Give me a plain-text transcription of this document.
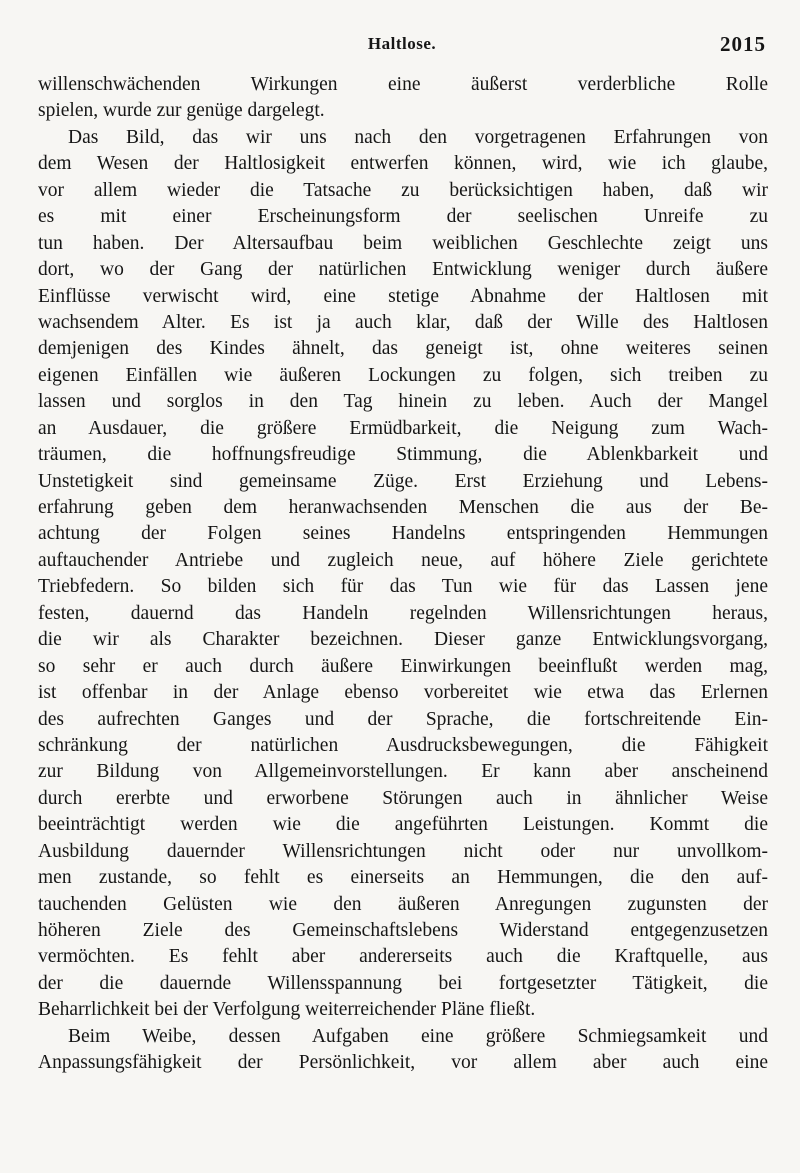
Haltlose.	2015
willenschwächenden Wirkungen eine äußerst verderbliche Rolle
spielen, wurde zur genüge dargelegt.
Das Bild, das wir uns nach den vorgetragenen Erfahrungen von
dem Wesen der Haltlosigkeit entwerfen können, wird, wie ich glaube,
vor allem wieder die Tatsache zu berücksichtigen haben, daß wir
es mit einer Erscheinungsform der seelischen Unreife zu
tun haben. Der Altersaufbau beim weiblichen Geschlechte zeigt uns
dort, wo der Gang der natürlichen Entwicklung weniger durch äußere
Einflüsse verwischt wird, eine stetige Abnahme der Haltlosen mit
wachsendem Alter. Es ist ja auch klar, daß der Wille des Haltlosen
demjenigen des Kindes ähnelt, das geneigt ist, ohne weiteres seinen
eigenen Einfällen wie äußeren Lockungen zu folgen, sich treiben zu
lassen und sorglos in den Tag hinein zu leben. Auch der Mangel
an Ausdauer, die größere Ermüdbarkeit, die Neigung zum Wach-
träumen, die hoffnungsfreudige Stimmung, die Ablenkbarkeit und
Unstetigkeit sind gemeinsame Züge. Erst Erziehung und Lebens-
erfahrung geben dem heranwachsenden Menschen die aus der Be-
achtung der Folgen seines Handelns entspringenden Hemmungen
auftauchender Antriebe und zugleich neue, auf höhere Ziele gerichtete
Triebfedern. So bilden sich für das Tun wie für das Lassen jene
festen, dauernd das Handeln regelnden Willensrichtungen heraus,
die wir als Charakter bezeichnen. Dieser ganze Entwicklungsvorgang,
so sehr er auch durch äußere Einwirkungen beeinflußt werden mag,
ist offenbar in der Anlage ebenso vorbereitet wie etwa das Erlernen
des aufrechten Ganges und der Sprache, die fortschreitende Ein-
schränkung der natürlichen Ausdrucksbewegungen, die Fähigkeit
zur Bildung von Allgemeinvorstellungen. Er kann aber anscheinend
durch ererbte und erworbene Störungen auch in ähnlicher Weise
beeinträchtigt werden wie die angeführten Leistungen. Kommt die
Ausbildung dauernder Willensrichtungen nicht oder nur unvollkom-
men zustande, so fehlt es einerseits an Hemmungen, die den auf-
tauchenden Gelüsten wie den äußeren Anregungen zugunsten der
höheren Ziele des Gemeinschaftslebens Widerstand entgegenzusetzen
vermöchten. Es fehlt aber andererseits auch die Kraftquelle, aus
der die dauernde Willensspannung bei fortgesetzter Tätigkeit, die
Beharrlichkeit bei der Verfolgung weiterreichender Pläne fließt.
Beim Weibe, dessen Aufgaben eine größere Schmiegsamkeit und
Anpassungsfähigkeit der Persönlichkeit, vor allem aber auch eine
